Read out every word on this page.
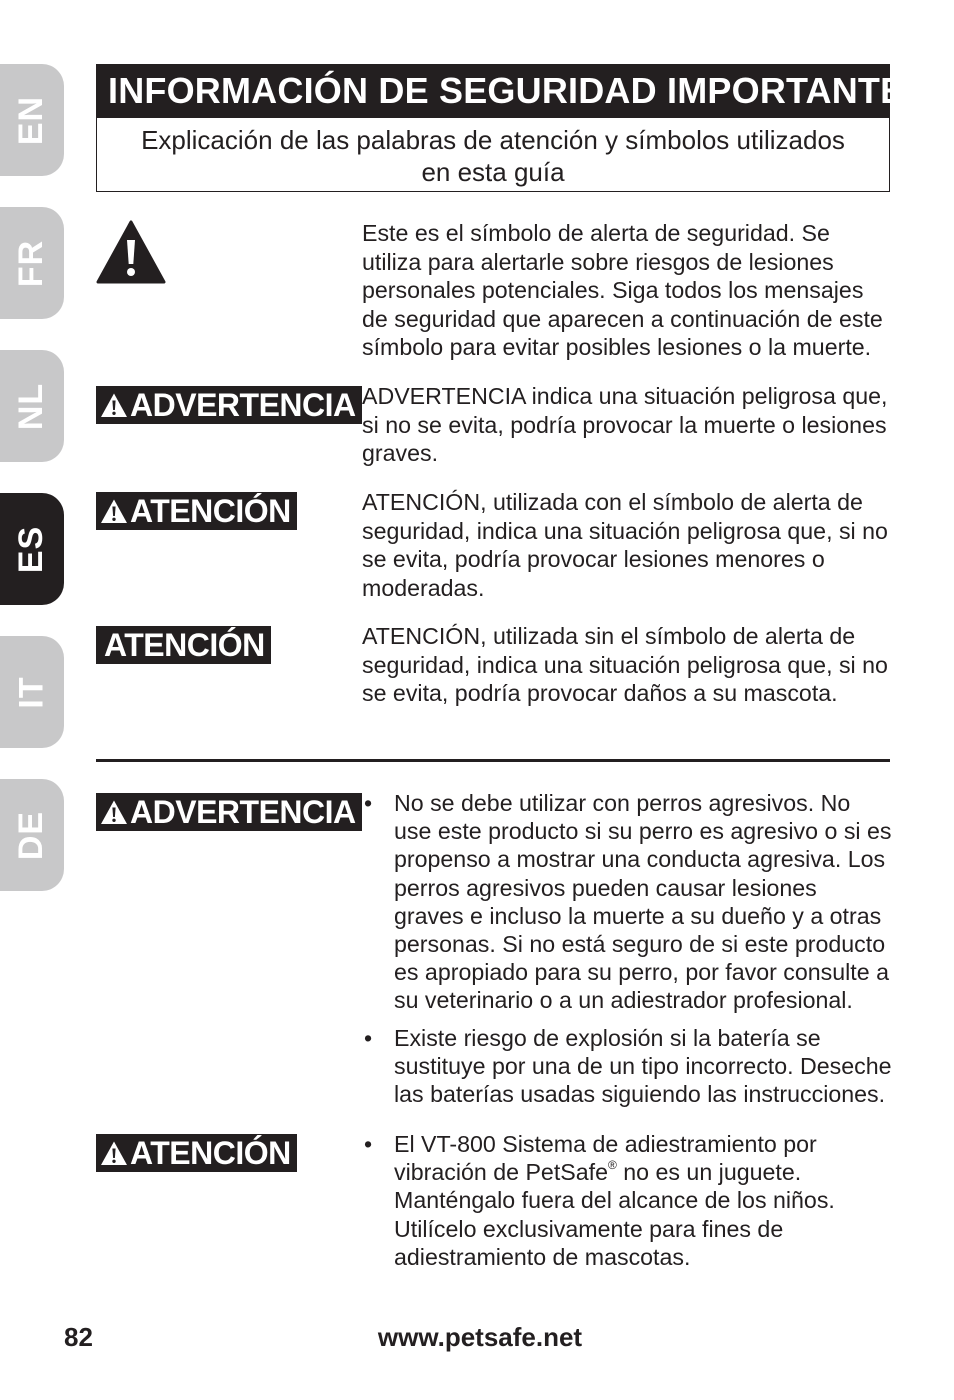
EN
FR
NL
ES
IT
DE
INFORMACIÓN DE SEGURIDAD IMPORTANTE
Explicación de las palabras de atención y símbolos utilizados
en esta guía
Este es el símbolo de alerta de seguridad. Se utiliza para alertarle sobre riesgos de lesiones personales potenciales. Siga todos los mensajes de seguridad que aparecen a continuación de este símbolo para evitar posibles lesiones o la muerte.
ADVERTENCIA ADVERTENCIA indica una situación peligrosa que, si no se evita, podría provocar la muerte o lesiones graves.
ATENCIÓN	ATENCIÓN, utilizada con el símbolo de alerta de seguridad, indica una situación peligrosa que, si no se evita, podría provocar lesiones menores o moderadas.
ATENCIÓN	ATENCIÓN, utilizada sin el símbolo de alerta de seguridad, indica una situación peligrosa que, si no se evita, podría provocar daños a su mascota.
ADVERTENCIA • No se debe utilizar con perros agresivos. No use este producto si su perro es agresivo o si es propenso a mostrar una conducta agresiva. Los perros agresivos pueden causar lesiones graves e incluso la muerte a su dueño y a otras personas. Si no está seguro de si este producto es apropiado para su perro, por favor consulte a su veterinario o a un adiestrador profesional.
• Existe riesgo de explosión si la batería se sustituye por una de un tipo incorrecto. Deseche las baterías usadas siguiendo las instrucciones.
ATENCIÓN	• El VT-800 Sistema de adiestramiento por vibración de PetSafe® no es un juguete. Manténgalo fuera del alcance de los niños. Utilícelo exclusivamente para fines de adiestramiento de mascotas.
82	www.petsafe.net
